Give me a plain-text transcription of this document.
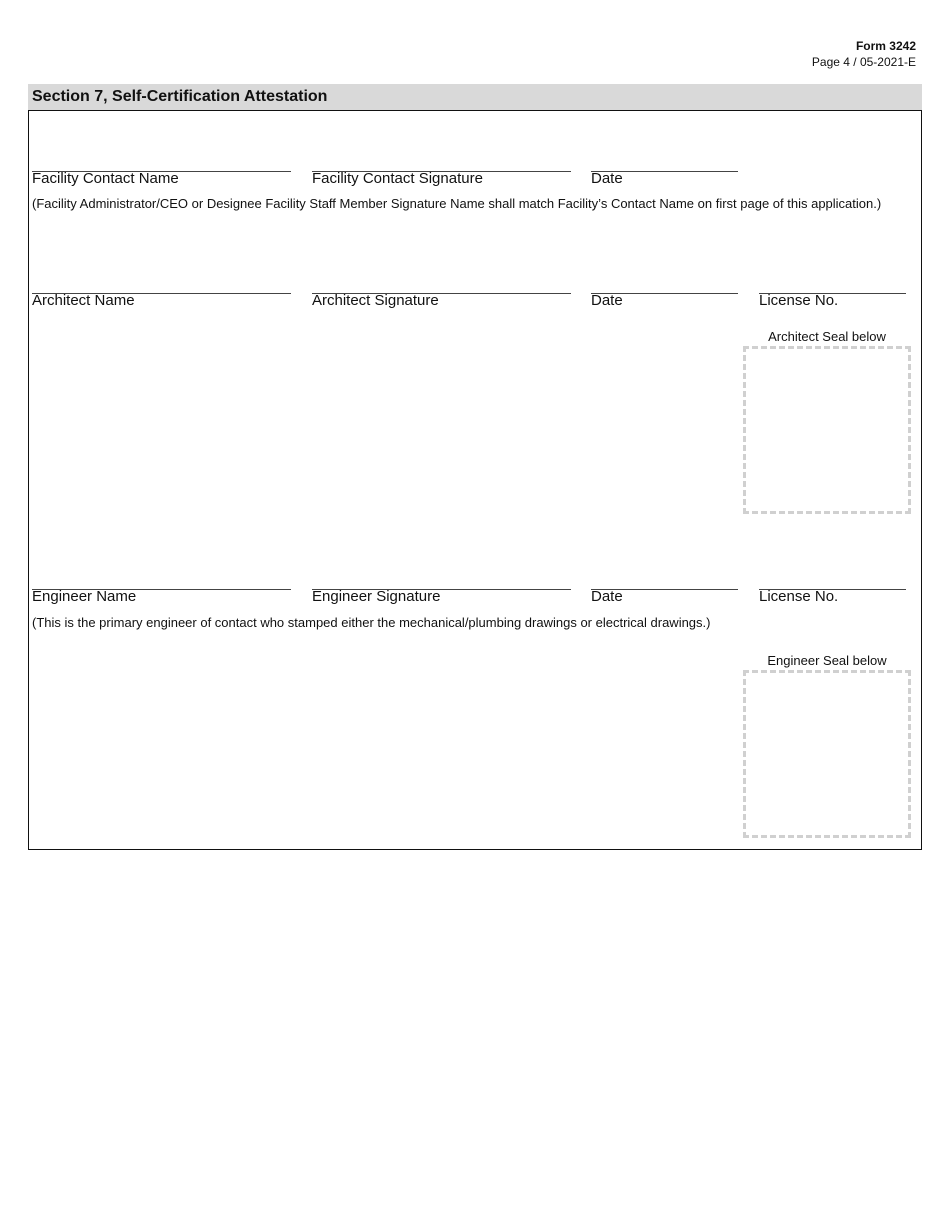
Form 3242
Page 4 / 05-2021-E
Section 7, Self-Certification Attestation
Facility Contact Name	Facility Contact Signature	Date
(Facility Administrator/CEO or Designee Facility Staff Member Signature Name shall match Facility’s Contact Name on first page of this application.)
Architect Name	Architect Signature	Date	License No.
Architect Seal below
Engineer Name	Engineer Signature	Date	License No.
(This is the primary engineer of contact who stamped either the mechanical/plumbing drawings or electrical drawings.)
Engineer Seal below
